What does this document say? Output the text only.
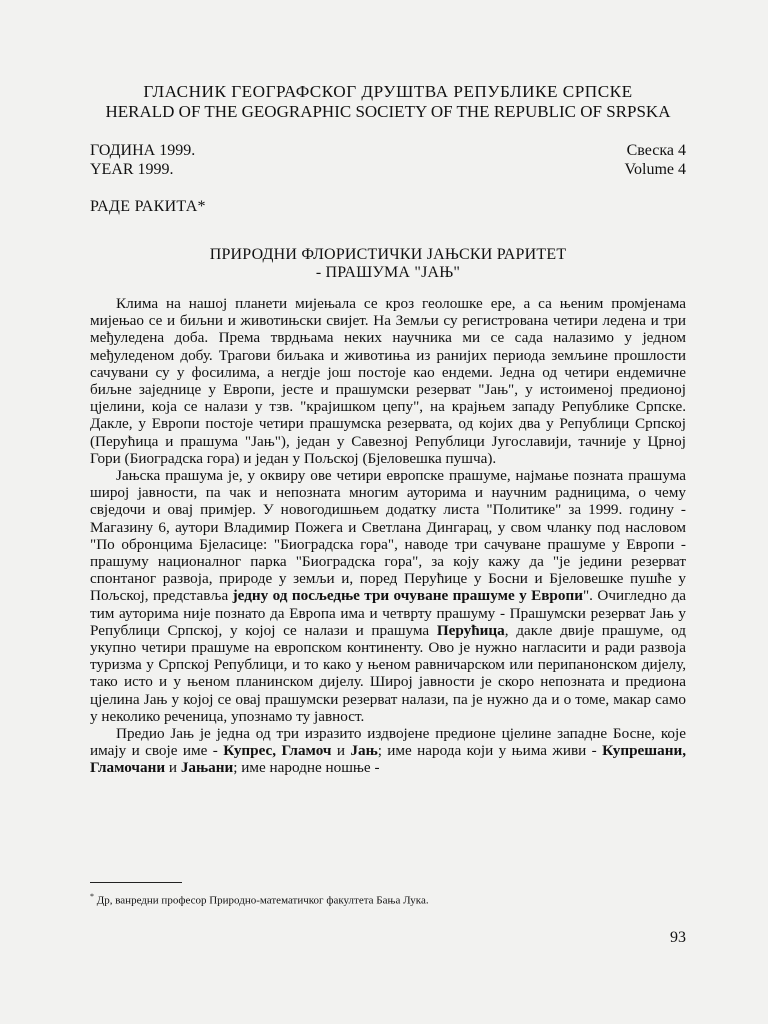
ГЛАСНИК ГЕОГРАФСКОГ ДРУШТВА РЕПУБЛИКЕ СРПСКЕ
HERALD OF THE GEOGRAPHIC SOCIETY OF THE REPUBLIC OF SRPSKA
ГОДИНА 1999.	Свеска 4
YEAR 1999.	Volume 4
РАДЕ РАКИТА*
ПРИРОДНИ ФЛОРИСТИЧКИ ЈАЊСКИ РАРИТЕТ
- ПРАШУМА "ЈАЊ"

Клима на нашој планети мијењала се кроз геолошке ере, а са њеним промјенама мијењао се и биљни и животињски свијет. На Земљи су регистрована четири ледена и три међуледена доба. Према тврдњама неких научника ми се сада налазимо у једном међуледеном добу. Трагови биљака и животиња из ранијих периода земљине прошлости сачувани су у фосилима, а негдје још постоје као ендеми. Једна од четири ендемичне биљне заједнице у Европи, јесте и прашумски резерват "Јањ", у истоименој предионој цјелини, која се налази у тзв. "крајишком цепу", на крајњем западу Републике Српске. Дакле, у Европи постоје четири прашумска резервата, од којих два у Републици Српској (Перућица и прашума "Јањ"), један у Савезној Републици Југославији, тачније у Црној Гори (Биоградска гора) и један у Пољској (Бјеловешка пушча).

Јањска прашума је, у оквиру ове четири европске прашуме, најмање позната прашума широј јавности, па чак и непозната многим ауторима и научним радницима, о чему свједочи и овај примјер. У новогодишњем додатку листа "Политике" за 1999. годину - Магазину 6, аутори Владимир Пожега и Светлана Дингарац, у свом чланку под насловом "По обронцима Бјеласице: "Биоградска гора", наводе три сачуване прашуме у Европи - прашуму националног парка "Биоградска гора", за коју кажу да "је једини резерват спонтаног развоја, природе у земљи и, поред Перућице у Босни и Бјеловешке пушће у Пољској, представља једну од посљедње три очуване прашуме у Европи". Очигледно да тим ауторима није познато да Европа има и четврту прашуму - Прашумски резерват Јањ у Републици Српској, у којој се налази и прашума Перућица, дакле двије прашуме, од укупно четири прашуме на европском континенту. Ово је нужно нагласити и ради развоја туризма у Српској Републици, и то како у њеном равничарском или перипанонском дијелу, тако исто и у њеном планинском дијелу. Широј јавности је скоро непозната и предиона цјелина Јањ у којој се овај прашумски резерват налази, па је нужно да и о томе, макар само у неколико реченица, упознамо ту јавност.

Предио Јањ је једна од три изразито издвојене предионе цјелине западне Босне, које имају и своје име - Купрес, Гламоч и Јањ; име народа који у њима живи - Купрешани, Гламочани и Јањани; име народне ношње -

* Др, ванредни професор Природно-математичког факултета Бања Лука.
93
